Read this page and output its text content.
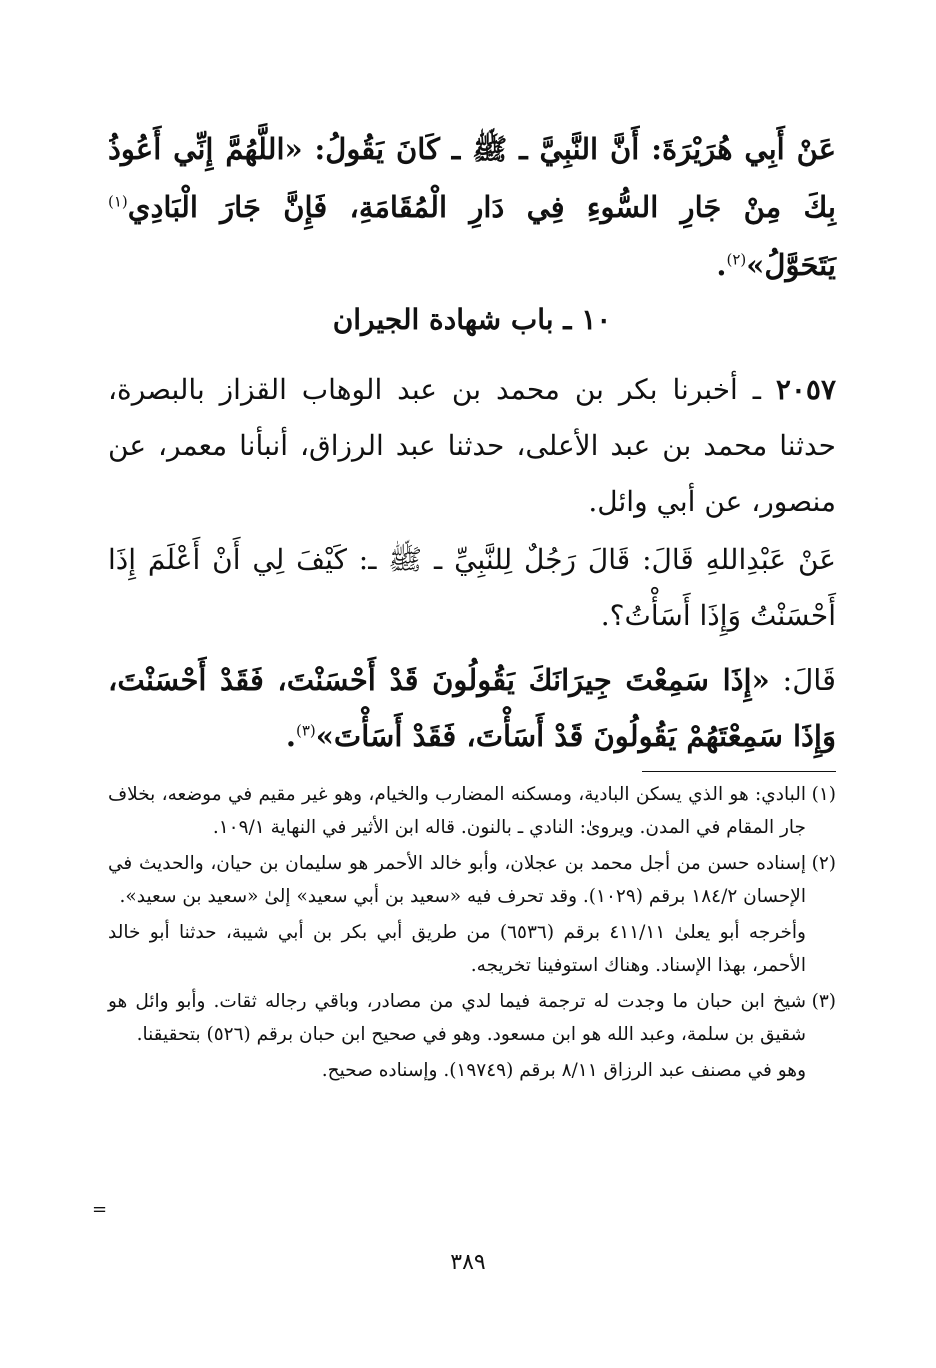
عَنْ أَبِي هُرَيْرَةَ: أَنَّ النَّبِيَّ ـ ﷺ ـ كَانَ يَقُولُ: «اللَّهُمَّ إِنِّي أَعُوذُ بِكَ مِنْ جَارِ السُّوءِ فِي دَارِ الْمُقَامَةِ، فَإِنَّ جَارَ الْبَادِي$^{(١)}$ يَتَحَوَّلُ»$^{(٢)}$.
١٠ ـ باب شهادة الجيران
٢٠٥٧ ـ أخبرنا بكر بن محمد بن عبد الوهاب القزاز بالبصرة، حدثنا محمد بن عبد الأعلى، حدثنا عبد الرزاق، أنبأنا معمر، عن منصور، عن أبي وائل.
عَنْ عَبْدِاللهِ قَالَ: قَالَ رَجُلٌ لِلنَّبِيِّ ـ ﷺ ـ: كَيْفَ لِي أَنْ أَعْلَمَ إِذَا أَحْسَنْتُ وَإِذَا أَسَأْتُ؟.
قَالَ: «إِذَا سَمِعْتَ جِيرَانَكَ يَقُولُونَ قَدْ أَحْسَنْتَ، فَقَدْ أَحْسَنْتَ، وَإِذَا سَمِعْتَهُمْ يَقُولُونَ قَدْ أَسَأْتَ، فَقَدْ أَسَأْتَ»$^{(٣)}$.
(١)
البادي: هو الذي يسكن البادية، ومسكنه المضارب والخيام، وهو غير مقيم في موضعه، بخلاف جار المقام في المدن. ويروىٰ: النادي ـ بالنون. قاله ابن الأثير في النهاية ١٠٩/١.
(٢)
إسناده حسن من أجل محمد بن عجلان، وأبو خالد الأحمر هو سليمان بن حيان، والحديث في الإحسان ١٨٤/٢ برقم (١٠٢٩). وقد تحرف فيه «سعيد بن أبي سعيد» إلىٰ «سعيد بن سعيد».
وأخرجه أبو يعلىٰ ٤١١/١١ برقم (٦٥٣٦) من طريق أبي بكر بن أبي شيبة، حدثنا أبو خالد الأحمر، بهذا الإسناد. وهناك استوفينا تخريجه.
(٣)
شيخ ابن حبان ما وجدت له ترجمة فيما لدي من مصادر، وباقي رجاله ثقات. وأبو وائل هو شقيق بن سلمة، وعبد الله هو ابن مسعود. وهو في صحيح ابن حبان برقم (٥٢٦) بتحقيقنا.
وهو في مصنف عبد الرزاق ٨/١١ برقم (١٩٧٤٩). وإسناده صحيح.
=
٣٨٩
